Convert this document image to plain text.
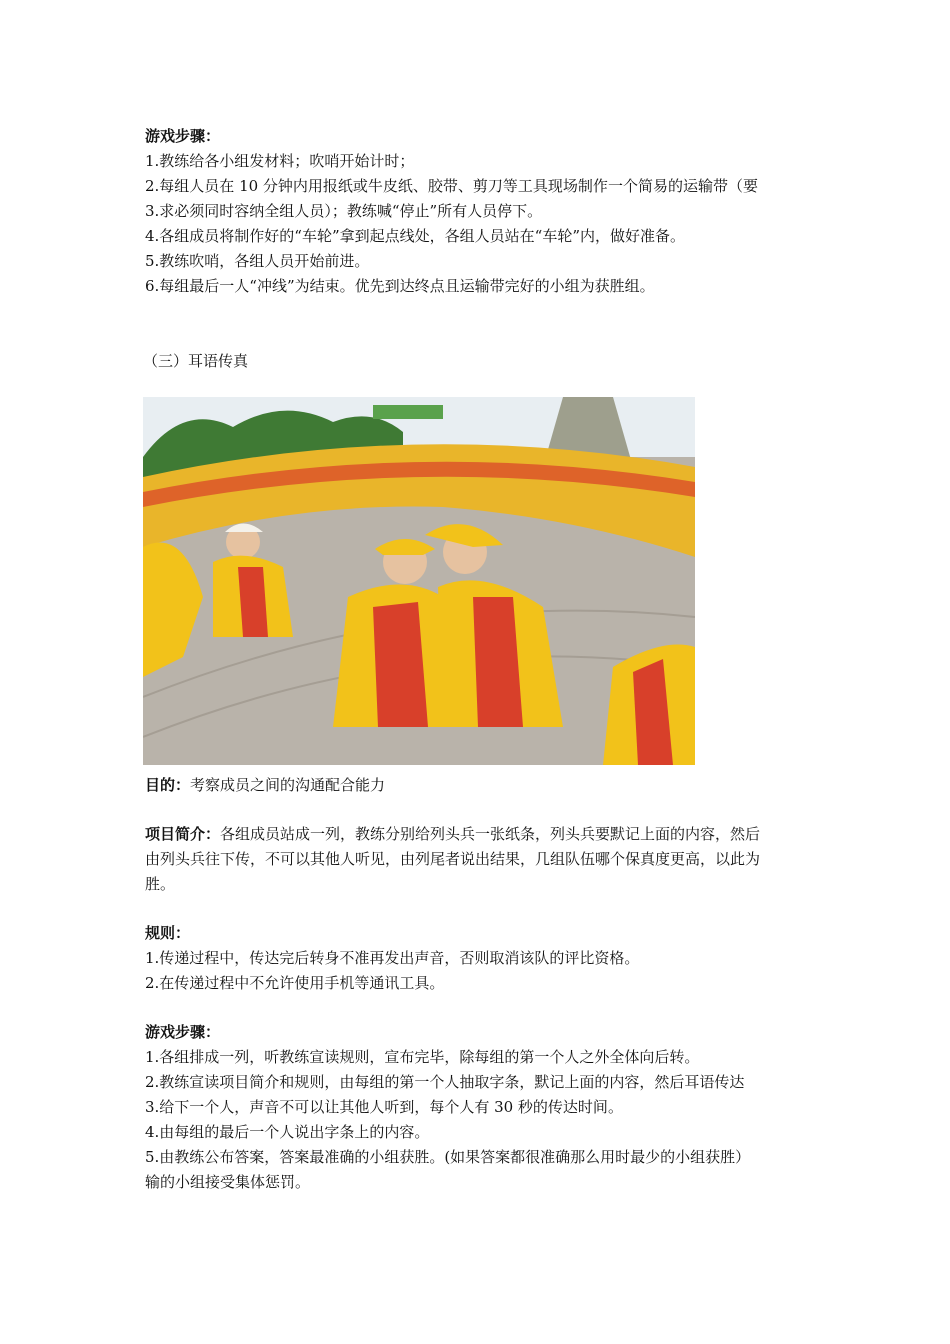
游戏步骤：
1.教练给各小组发材料；吹哨开始计时；
2.每组人员在 10 分钟内用报纸或牛皮纸、胶带、剪刀等工具现场制作一个简易的运输带（要
3.求必须同时容纳全组人员）；教练喊“停止”所有人员停下。
4.各组成员将制作好的“车轮”拿到起点线处，各组人员站在“车轮”内，做好准备。
5.教练吹哨，各组人员开始前进。
6.每组最后一人“冲线”为结束。优先到达终点且运输带完好的小组为获胜组。
（三）耳语传真
目的：考察成员之间的沟通配合能力
项目简介：各组成员站成一列，教练分别给列头兵一张纸条，列头兵要默记上面的内容，然后
由列头兵往下传，不可以其他人听见，由列尾者说出结果，几组队伍哪个保真度更高，以此为
胜。
规则：
1.传递过程中，传达完后转身不准再发出声音，否则取消该队的评比资格。
2.在传递过程中不允许使用手机等通讯工具。
游戏步骤：
1.各组排成一列，听教练宣读规则，宣布完毕，除每组的第一个人之外全体向后转。
2.教练宣读项目简介和规则，由每组的第一个人抽取字条，默记上面的内容，然后耳语传达
3.给下一个人，声音不可以让其他人听到，每个人有 30 秒的传达时间。
4.由每组的最后一个人说出字条上的内容。
5.由教练公布答案，答案最准确的小组获胜。(如果答案都很准确那么用时最少的小组获胜）
输的小组接受集体惩罚。
